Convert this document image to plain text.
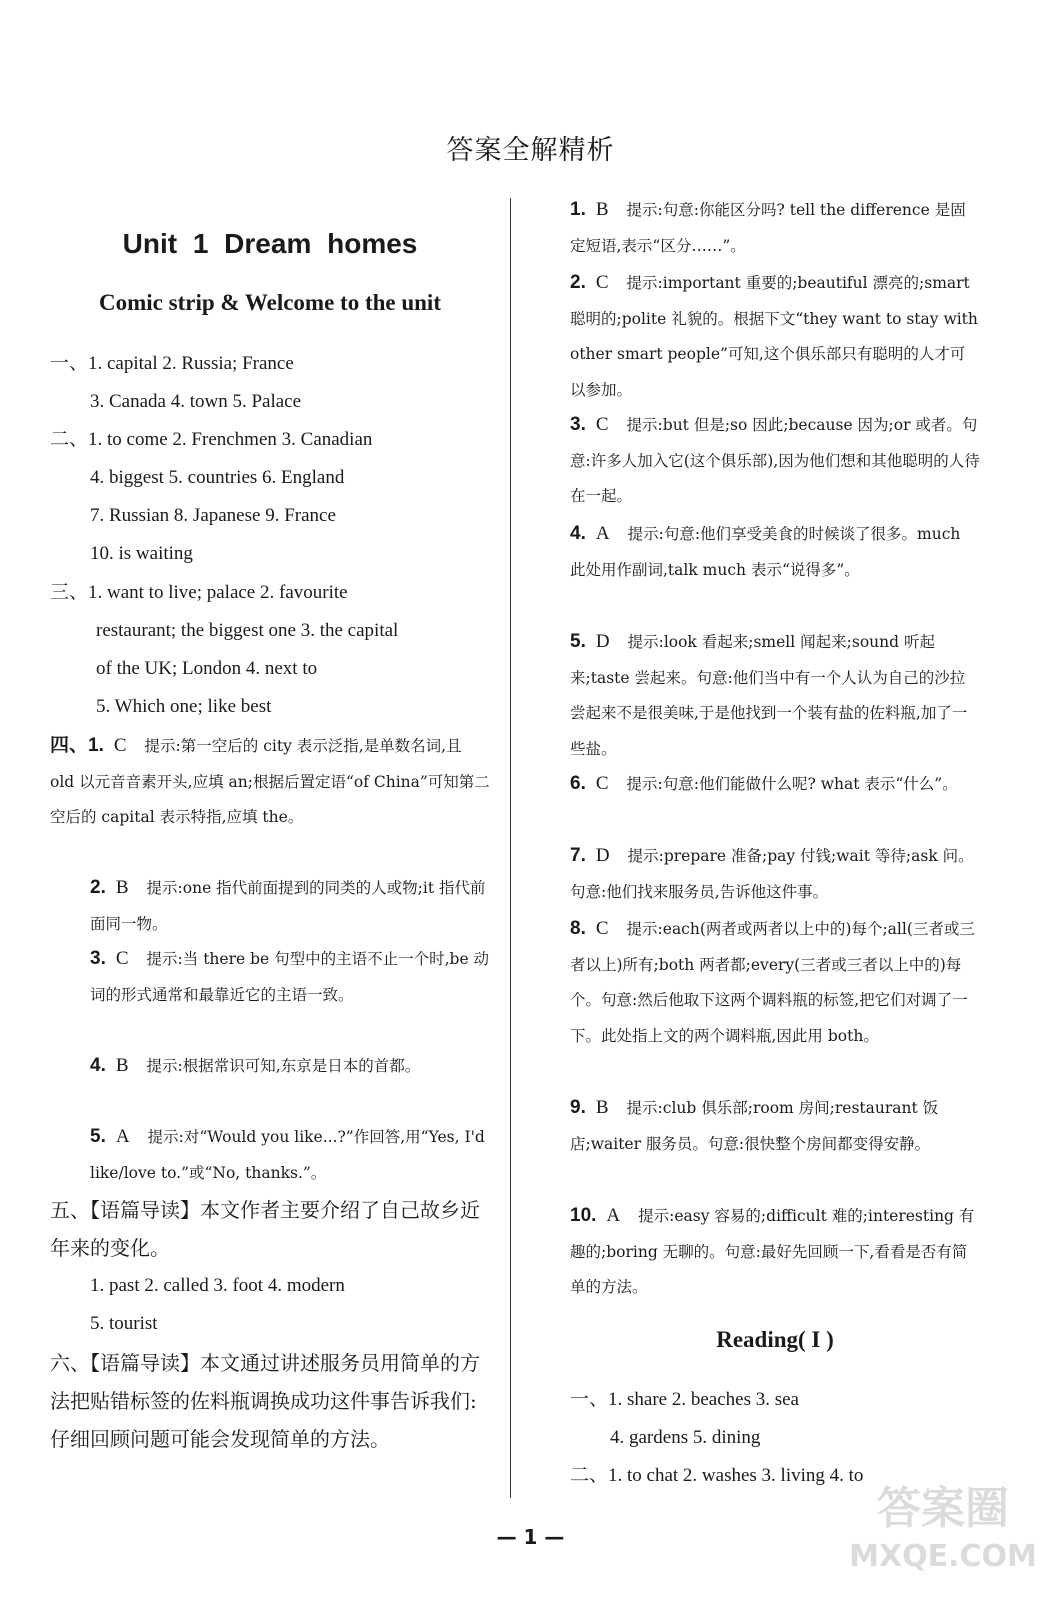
答案全解精析
Unit 1 Dream homes
Comic strip & Welcome to the unit
一、1. capital 2. Russia; France
3. Canada 4. town 5. Palace
二、1. to come 2. Frenchmen 3. Canadian
4. biggest 5. countries 6. England
7. Russian 8. Japanese 9. France
10. is waiting
三、1. want to live; palace 2. favourite
restaurant; the biggest one 3. the capital
of the UK; London 4. next to
5. Which one; like best
四、1. C 提示:第一空后的 city 表示泛指,是单数名词,且 old 以元音音素开头,应填 an;根据后置定语“of China”可知第二空后的 capital 表示特指,应填 the。
2. B 提示:one 指代前面提到的同类的人或物;it 指代前面同一物。
3. C 提示:当 there be 句型中的主语不止一个时,be 动词的形式通常和最靠近它的主语一致。
4. B 提示:根据常识可知,东京是日本的首都。
5. A 提示:对“Would you like...?”作回答,用“Yes, I'd like/love to.”或“No, thanks.”。
五、【语篇导读】本文作者主要介绍了自己故乡近年来的变化。
1. past 2. called 3. foot 4. modern
5. tourist
六、【语篇导读】本文通过讲述服务员用简单的方法把贴错标签的佐料瓶调换成功这件事告诉我们:仔细回顾问题可能会发现简单的方法。
1. B 提示:句意:你能区分吗? tell the difference 是固定短语,表示“区分……”。
2. C 提示:important 重要的;beautiful 漂亮的;smart 聪明的;polite 礼貌的。根据下文“they want to stay with other smart people”可知,这个俱乐部只有聪明的人才可以参加。
3. C 提示:but 但是;so 因此;because 因为;or 或者。句意:许多人加入它(这个俱乐部),因为他们想和其他聪明的人待在一起。
4. A 提示:句意:他们享受美食的时候谈了很多。much 此处用作副词,talk much 表示“说得多”。
5. D 提示:look 看起来;smell 闻起来;sound 听起来;taste 尝起来。句意:他们当中有一个人认为自己的沙拉尝起来不是很美味,于是他找到一个装有盐的佐料瓶,加了一些盐。
6. C 提示:句意:他们能做什么呢? what 表示“什么”。
7. D 提示:prepare 准备;pay 付钱;wait 等待;ask 问。句意:他们找来服务员,告诉他这件事。
8. C 提示:each(两者或两者以上中的)每个;all(三者或三者以上)所有;both 两者都;every(三者或三者以上中的)每个。句意:然后他取下这两个调料瓶的标签,把它们对调了一下。此处指上文的两个调料瓶,因此用 both。
9. B 提示:club 俱乐部;room 房间;restaurant 饭店;waiter 服务员。句意:很快整个房间都变得安静。
10. A 提示:easy 容易的;difficult 难的;interesting 有趣的;boring 无聊的。句意:最好先回顾一下,看看是否有简单的方法。
一、1. share 2. beaches 3. sea
4. gardens 5. dining
二、1. to chat 2. washes 3. living 4. to
Reading( I )
— 1 —
答案圈
MXQE.COM
